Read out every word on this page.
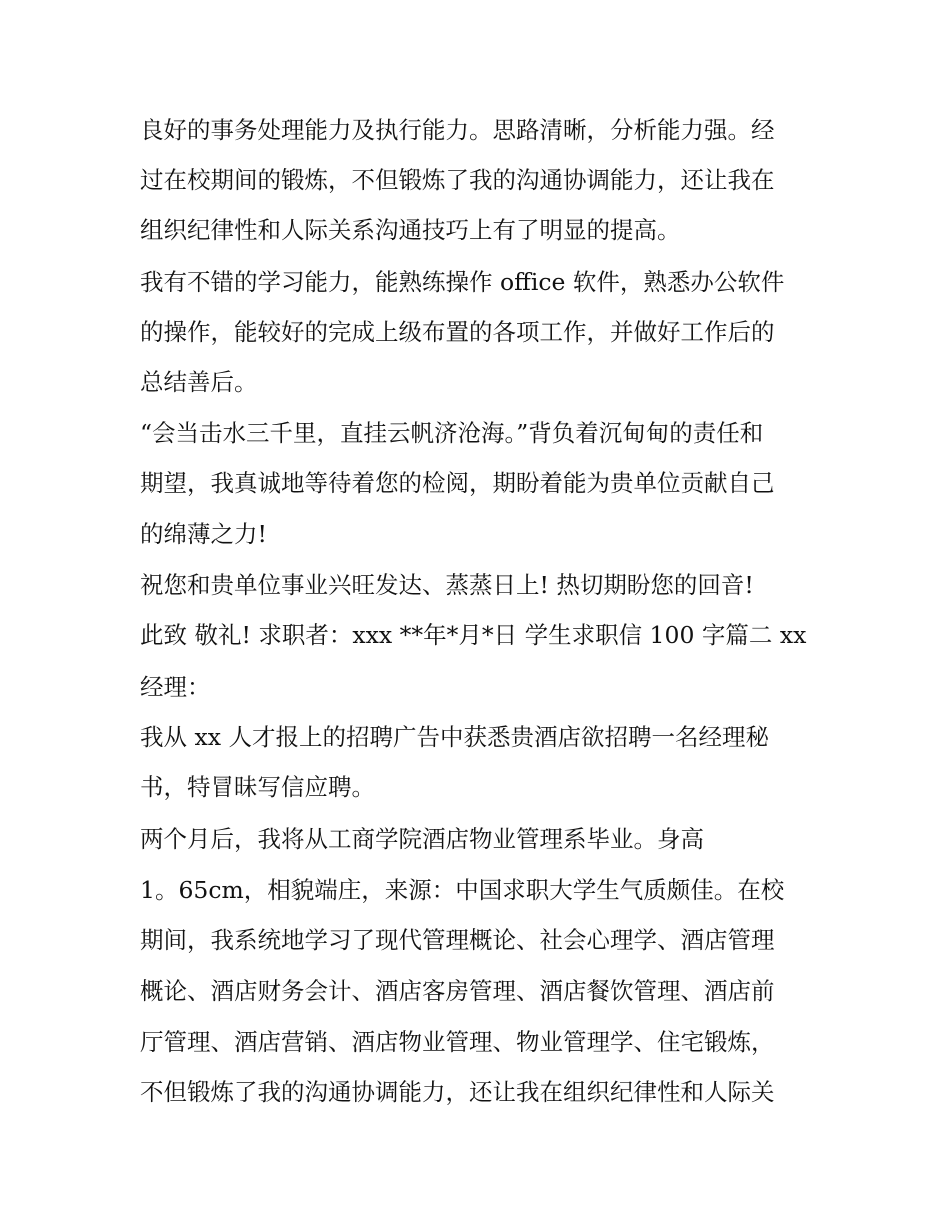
良好的事务处理能力及执行能力。思路清晰，分析能力强。经
过在校期间的锻炼，不但锻炼了我的沟通协调能力，还让我在
组织纪律性和人际关系沟通技巧上有了明显的提高。
我有不错的学习能力，能熟练操作 office 软件，熟悉办公软件
的操作，能较好的完成上级布置的各项工作，并做好工作后的
总结善后。
“会当击水三千里，直挂云帆济沧海。”背负着沉甸甸的责任和
期望，我真诚地等待着您的检阅，期盼着能为贵单位贡献自己
的绵薄之力!
祝您和贵单位事业兴旺发达、蒸蒸日上! 热切期盼您的回音!
此致 敬礼! 求职者：xxx **年*月*日 学生求职信 100 字篇二 xx
经理：
我从 xx 人才报上的招聘广告中获悉贵酒店欲招聘一名经理秘
书，特冒昧写信应聘。
两个月后，我将从工商学院酒店物业管理系毕业。身高
1。65cm，相貌端庄，来源：中国求职大学生气质颇佳。在校
期间，我系统地学习了现代管理概论、社会心理学、酒店管理
概论、酒店财务会计、酒店客房管理、酒店餐饮管理、酒店前
厅管理、酒店营销、酒店物业管理、物业管理学、住宅锻炼，
不但锻炼了我的沟通协调能力，还让我在组织纪律性和人际关
